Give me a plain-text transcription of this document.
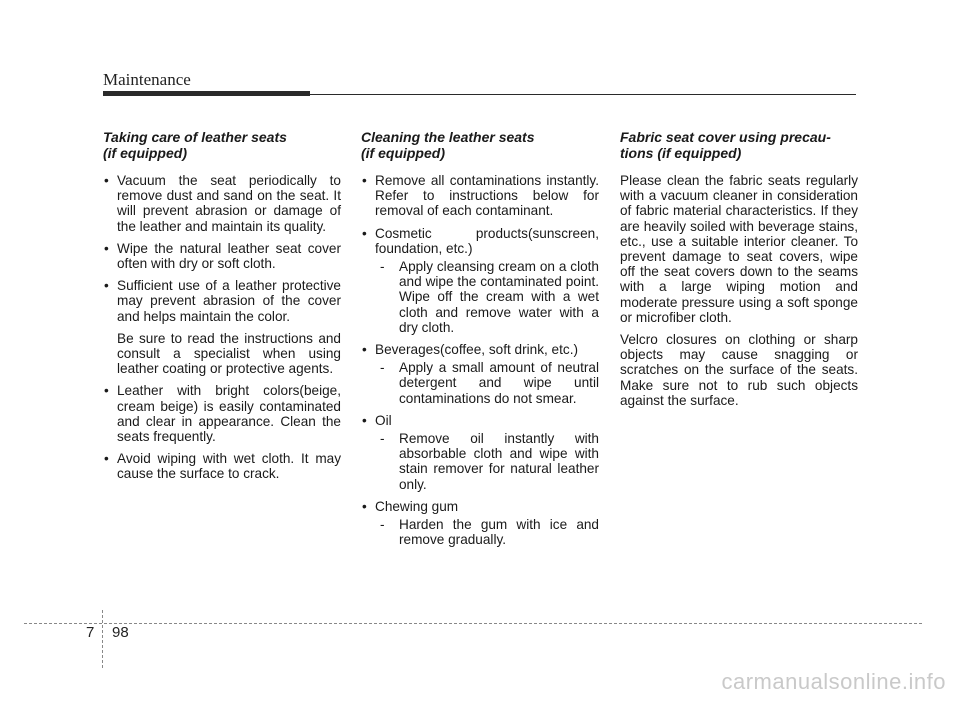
Maintenance
Taking care of leather seats
(if equipped)
• Vacuum the seat periodically to remove dust and sand on the seat. It will prevent abrasion or damage of the leather and maintain its quality.
• Wipe the natural leather seat cover often with dry or soft cloth.
• Sufficient use of a leather protective may prevent abrasion of the cover and helps maintain the color.
Be sure to read the instructions and consult a specialist when using leather coating or protective agents.
• Leather with bright colors(beige, cream beige) is easily contaminated and clear in appearance. Clean the seats frequently.
• Avoid wiping with wet cloth. It may cause the surface to crack.
Cleaning the leather seats
(if equipped)
• Remove all contaminations instantly. Refer to instructions below for removal of each contaminant.
• Cosmetic products(sunscreen, foundation, etc.)
- Apply cleansing cream on a cloth and wipe the contaminated point. Wipe off the cream with a wet cloth and remove water with a dry cloth.
• Beverages(coffee, soft drink, etc.)
- Apply a small amount of neutral detergent and wipe until contaminations do not smear.
• Oil
- Remove oil instantly with absorbable cloth and wipe with stain remover for natural leather only.
• Chewing gum
- Harden the gum with ice and remove gradually.
Fabric seat cover using precau-
tions (if equipped)

Please clean the fabric seats regularly with a vacuum cleaner in consideration of fabric material characteristics. If they are heavily soiled with beverage stains, etc., use a suitable interior cleaner. To prevent damage to seat covers, wipe off the seat covers down to the seams with a large wiping motion and moderate pressure using a soft sponge or microfiber cloth.

Velcro closures on clothing or sharp objects may cause snagging or scratches on the surface of the seats. Make sure not to rub such objects against the surface.

7 98
carmanualsonline.info
